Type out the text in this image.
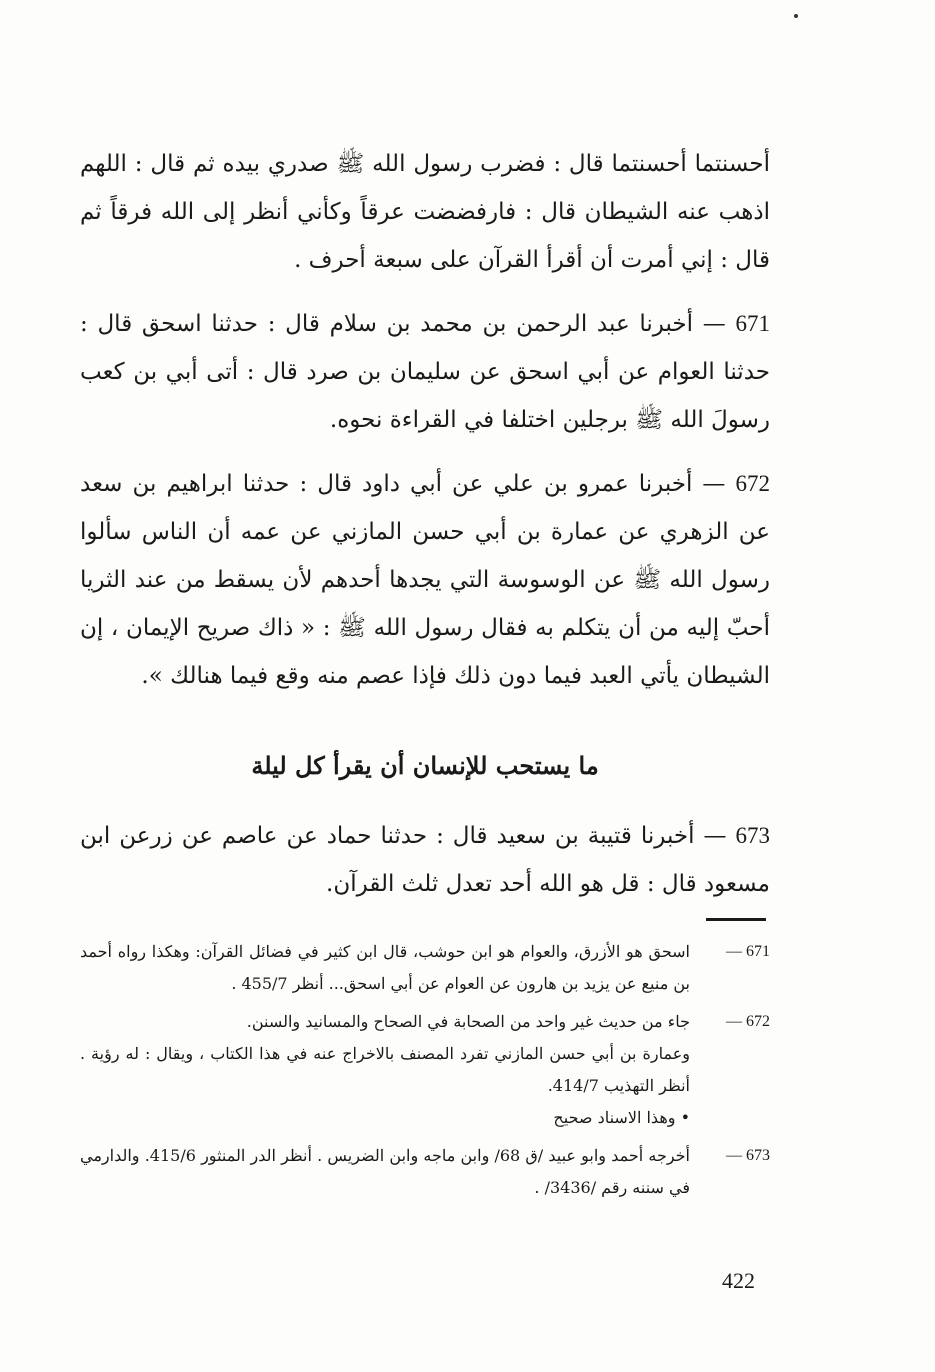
أحسنتما أحسنتما قال : فضرب رسول الله ﷺ صدري بيده ثم قال : اللهم اذهب عنه الشيطان قال : فارفضضت عرقاً وكأني أنظر إلى الله فرقاً ثم قال : إني أمرت أن أقرأ القرآن على سبعة أحرف .

671 — أخبرنا عبد الرحمن بن محمد بن سلام قال : حدثنا اسحق قال : حدثنا العوام عن أبي اسحق عن سليمان بن صرد قال : أتى أبي بن كعب رسولَ الله ﷺ برجلين اختلفا في القراءة نحوه.

672 — أخبرنا عمرو بن علي عن أبي داود قال : حدثنا ابراهيم بن سعد عن الزهري عن عمارة بن أبي حسن المازني عن عمه أن الناس سألوا رسول الله ﷺ عن الوسوسة التي يجدها أحدهم لأن يسقط من عند الثريا أحبّ إليه من أن يتكلم به فقال رسول الله ﷺ : « ذاك صريح الإيمان ، إن الشيطان يأتي العبد فيما دون ذلك فإذا عصم منه وقع فيما هنالك ».

ما يستحب للإنسان أن يقرأ كل ليلة

673 — أخبرنا قتيبة بن سعيد قال : حدثنا حماد عن عاصم عن زرعن ابن مسعود قال : قل هو الله أحد تعدل ثلث القرآن.

671 —
اسحق هو الأزرق، والعوام هو ابن حوشب، قال ابن كثير في فضائل القرآن: وهكذا رواه أحمد بن منيع عن يزيد بن هارون عن العوام عن أبي اسحق... أنظر 455/7 .
672 —
جاء من حديث غير واحد من الصحابة في الصحاح والمسانيد والسنن.
وعمارة بن أبي حسن المازني تفرد المصنف بالاخراج عنه في هذا الكتاب ، ويقال : له رؤية . أنظر التهذيب 414/7.
• وهذا الاسناد صحيح
673 —
أخرجه أحمد وابو عبيد /ق 68/ وابن ماجه وابن الضريس . أنظر الدر المنثور 415/6. والدارمي في سننه رقم /3436/ .
422
